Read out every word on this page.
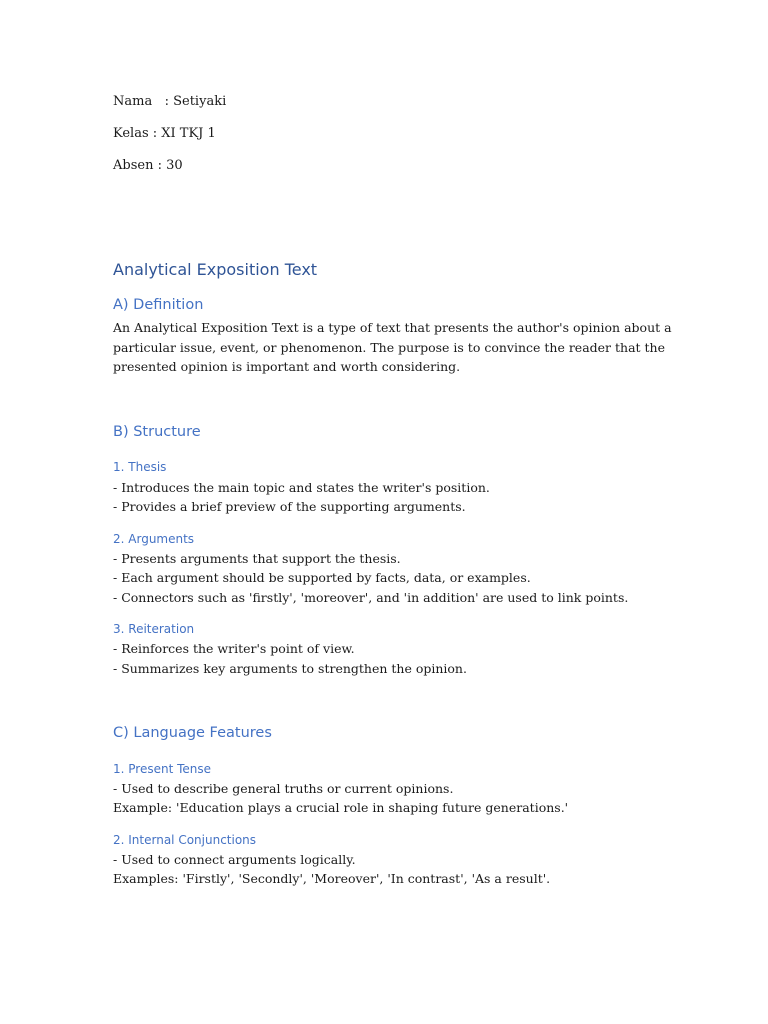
Nama   : Setiyaki
Kelas : XI TKJ 1
Absen : 30
Analytical Exposition Text
A) Definition
An Analytical Exposition Text is a type of text that presents the author's opinion about a
particular issue, event, or phenomenon. The purpose is to convince the reader that the
presented opinion is important and worth considering.
B) Structure
1. Thesis
- Introduces the main topic and states the writer's position.
- Provides a brief preview of the supporting arguments.
2. Arguments
- Presents arguments that support the thesis.
- Each argument should be supported by facts, data, or examples.
- Connectors such as 'firstly', 'moreover', and 'in addition' are used to link points.
3. Reiteration
- Reinforces the writer's point of view.
- Summarizes key arguments to strengthen the opinion.
C) Language Features
1. Present Tense
- Used to describe general truths or current opinions.
Example: 'Education plays a crucial role in shaping future generations.'
2. Internal Conjunctions
- Used to connect arguments logically.
Examples: 'Firstly', 'Secondly', 'Moreover', 'In contrast', 'As a result'.
